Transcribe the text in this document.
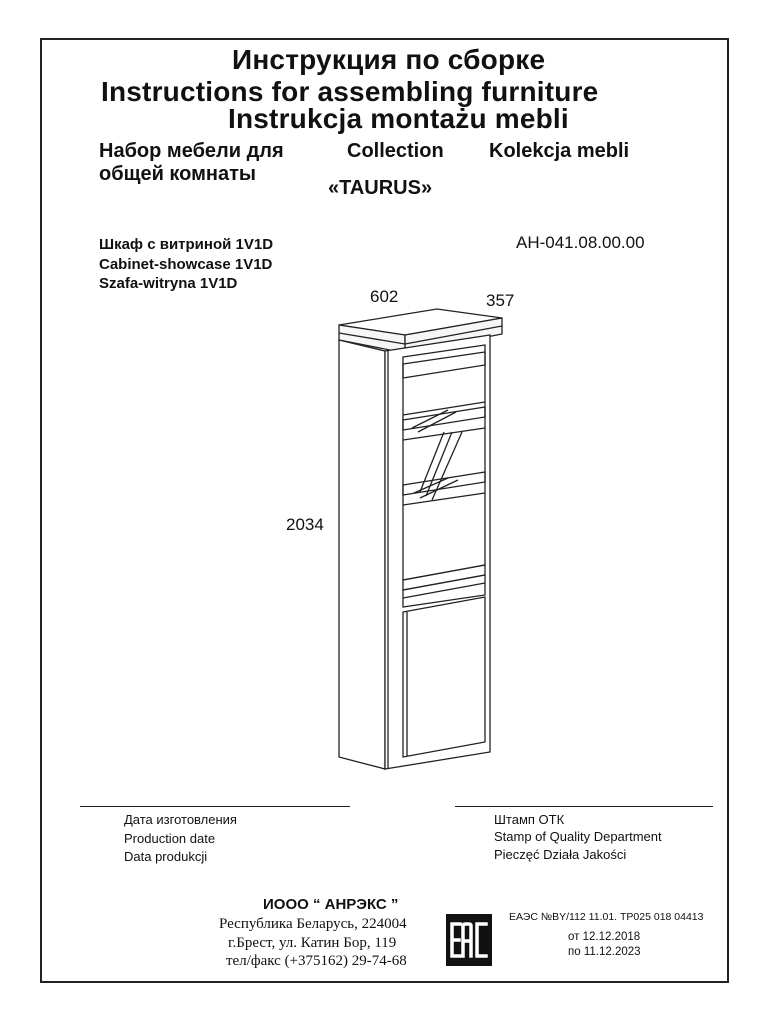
Инструкция по сборке
Instructions for assembling furniture
Instrukcja montażu mebli
Набор мебели для	Collection Kolekcja mebli
общей комнаты
«TAURUS»
Шкаф с витриной 1V1D
Cabinet-showcase 1V1D
Szafa-witryna 1V1D
АН-041.08.00.00
602	357
2034
Дата изготовления
Production date
Data produkcji
Штамп ОТК
Stamp of Quality Department
Pieczęć Działa Jakości
ИООО “ АНРЭКС ”
Республика Беларусь, 224004
г.Брест, ул. Катин Бор, 119
тел/факс (+375162) 29-74-68
ЕАЭС №BY/112 11.01. ТР025 018 04413
от 12.12.2018
по 11.12.2023
